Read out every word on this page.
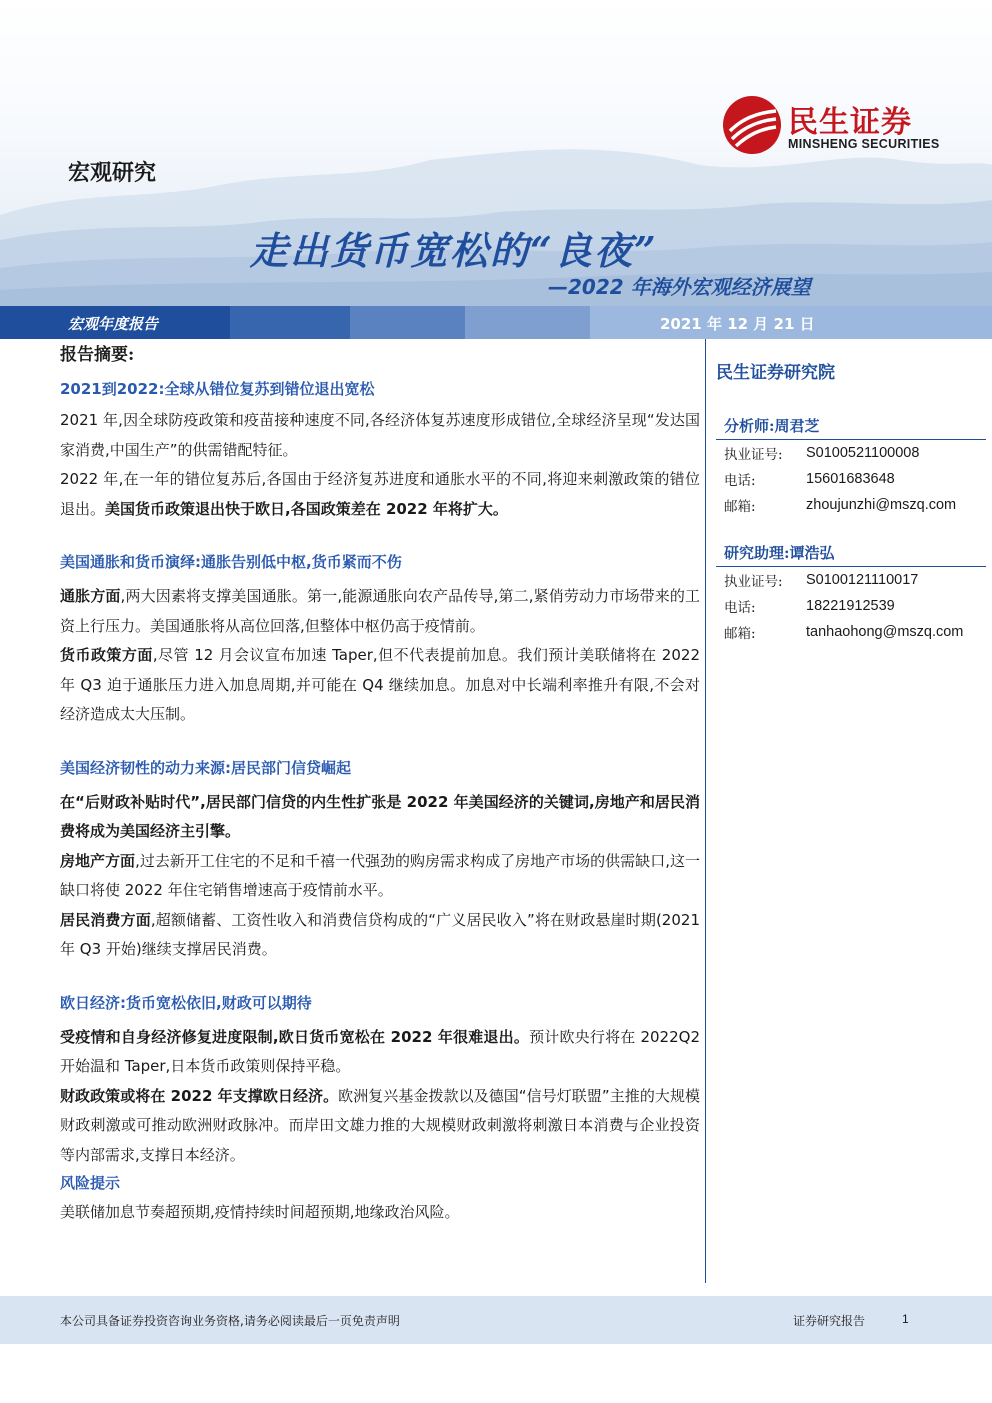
民生证券
MINSHENG SECURITIES
宏观研究
走出货币宽松的“良夜”
—2022 年海外宏观经济展望
宏观年度报告	2021 年 12 月 21 日
报告摘要:
2021到2022:全球从错位复苏到错位退出宽松
2021 年,因全球防疫政策和疫苗接种速度不同,各经济体复苏速度形成错位,全球经济呈现“发达国家消费,中国生产”的供需错配特征。
2022 年,在一年的错位复苏后,各国由于经济复苏进度和通胀水平的不同,将迎来刺激政策的错位退出。美国货币政策退出快于欧日,各国政策差在 2022 年将扩大。
美国通胀和货币演绎:通胀告别低中枢,货币紧而不伤
通胀方面,两大因素将支撑美国通胀。第一,能源通胀向农产品传导,第二,紧俏劳动力市场带来的工资上行压力。美国通胀将从高位回落,但整体中枢仍高于疫情前。
货币政策方面,尽管 12 月会议宣布加速 Taper,但不代表提前加息。我们预计美联储将在 2022 年 Q3 迫于通胀压力进入加息周期,并可能在 Q4 继续加息。加息对中长端利率推升有限,不会对经济造成太大压制。
美国经济韧性的动力来源:居民部门信贷崛起
在“后财政补贴时代”,居民部门信贷的内生性扩张是 2022 年美国经济的关键词,房地产和居民消费将成为美国经济主引擎。
房地产方面,过去新开工住宅的不足和千禧一代强劲的购房需求构成了房地产市场的供需缺口,这一缺口将使 2022 年住宅销售增速高于疫情前水平。
居民消费方面,超额储蓄、工资性收入和消费信贷构成的“广义居民收入”将在财政悬崖时期(2021 年 Q3 开始)继续支撑居民消费。
欧日经济:货币宽松依旧,财政可以期待
受疫情和自身经济修复进度限制,欧日货币宽松在 2022 年很难退出。预计欧央行将在 2022Q2 开始温和 Taper,日本货币政策则保持平稳。
财政政策或将在 2022 年支撑欧日经济。欧洲复兴基金拨款以及德国“信号灯联盟”主推的大规模财政刺激或可推动欧洲财政脉冲。而岸田文雄力推的大规模财政刺激将刺激日本消费与企业投资等内部需求,支撑日本经济。
风险提示
美联储加息节奏超预期,疫情持续时间超预期,地缘政治风险。
民生证券研究院
分析师:周君芝
执业证号:	S0100521100008
电话:	15601683648
邮箱:	zhoujunzhi@mszq.com
研究助理:谭浩弘
执业证号:	S0100121110017
电话:	18221912539
邮箱:	tanhaohong@mszq.com
本公司具备证券投资咨询业务资格,请务必阅读最后一页免责声明	证券研究报告	1
